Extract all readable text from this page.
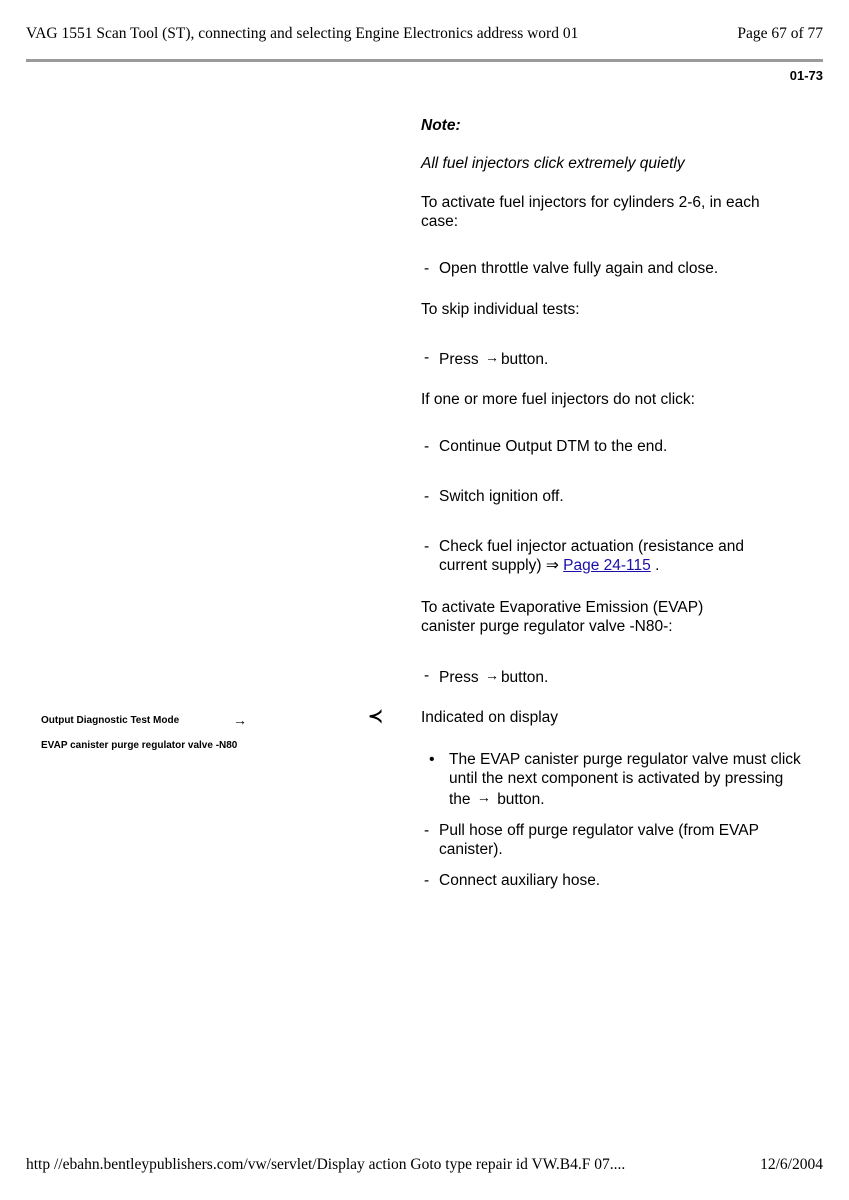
VAG 1551 Scan Tool (ST), connecting and selecting Engine Electronics address word 01	Page 67 of 77
01-73
Note:
All fuel injectors click extremely quietly
To activate fuel injectors for cylinders 2-6, in each case:
- Open throttle valve fully again and close.
To skip individual tests:
- Press → button.
If one or more fuel injectors do not click:
- Continue Output DTM to the end.
- Switch ignition off.
- Check fuel injector actuation (resistance and current supply) ⇒ Page 24-115 .
To activate Evaporative Emission (EVAP) canister purge regulator valve -N80-:
- Press → button.
Output Diagnostic Test Mode	→
EVAP canister purge regulator valve -N80
≺ Indicated on display
• The EVAP canister purge regulator valve must click until the next component is activated by pressing the → button.
- Pull hose off purge regulator valve (from EVAP canister).
- Connect auxiliary hose.
http //ebahn.bentleypublishers.com/vw/servlet/Display action Goto type repair id VW.B4.F 07....	12/6/2004
